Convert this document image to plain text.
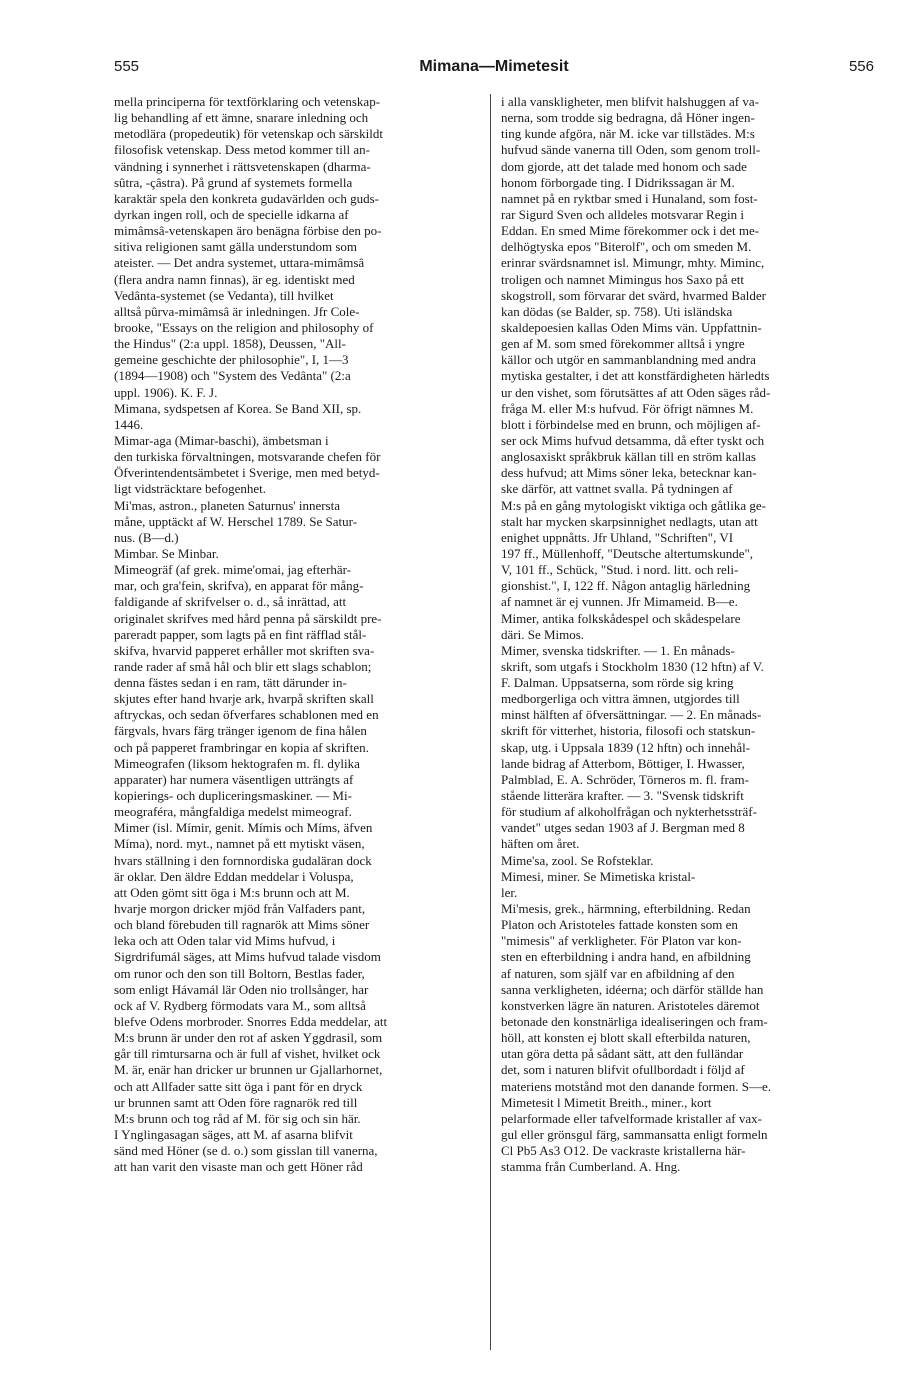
555	Mimana—Mimetesit	556
mella principerna för textförklaring och vetenskap-
lig behandling af ett ämne, snarare inledning och
metodlära (propedeutik) för vetenskap och särskildt
filosofisk vetenskap. Dess metod kommer till an-
vändning i synnerhet i rättsvetenskapen (dharma-
sûtra, -çâstra). På grund af systemets formella
karaktär spela den konkreta gudavärlden och guds-
dyrkan ingen roll, och de specielle idkarna af
mimâmsâ-vetenskapen äro benägna förbise den po-
sitiva religionen samt gälla understundom som
ateister. — Det andra systemet, uttara-mimâmsâ
(flera andra namn finnas), är eg. identiskt med
Vedânta-systemet (se Vedanta), till hvilket
alltså pûrva-mimâmsâ är inledningen. Jfr Cole-
brooke, "Essays on the religion and philosophy of
the Hindus" (2:a uppl. 1858), Deussen, "All-
gemeine geschichte der philosophie", I, 1—3
(1894—1908) och "System des Vedânta" (2:a
uppl. 1906). K. F. J.
Mimana, sydspetsen af Korea. Se Band XII, sp.
1446.
Mimar-aga (Mimar-baschi), ämbetsman i
den turkiska förvaltningen, motsvarande chefen för
Öfverintendentsämbetet i Sverige, men med betyd-
ligt vidsträcktare befogenhet.
Mi'mas, astron., planeten Saturnus' innersta
måne, upptäckt af W. Herschel 1789. Se Satur-
nus. (B—d.)
Mimbar. Se Minbar.
Mimeogräf (af grek. mime'omai, jag efterhär-
mar, och gra'fein, skrifva), en apparat för mång-
faldigande af skrifvelser o. d., så inrättad, att
originalet skrifves med hård penna på särskildt pre-
pareradt papper, som lagts på en fint räfflad stål-
skifva, hvarvid papperet erhåller mot skriften sva-
rande rader af små hål och blir ett slags schablon;
denna fästes sedan i en ram, tätt därunder in-
skjutes efter hand hvarje ark, hvarpå skriften skall
aftryckas, och sedan öfverfares schablonen med en
färgvals, hvars färg tränger igenom de fina hålen
och på papperet frambringar en kopia af skriften.
Mimeografen (liksom hektografen m. fl. dylika
apparater) har numera väsentligen utträngts af
kopierings- och dupliceringsmaskiner. — Mi-
meograféra, mångfaldiga medelst mimeograf.
Mimer (isl. Mímir, genit. Mímis och Míms, äfven
Míma), nord. myt., namnet på ett mytiskt väsen,
hvars ställning i den fornnordiska gudaläran dock
är oklar. Den äldre Eddan meddelar i Voluspa,
att Oden gömt sitt öga i M:s brunn och att M.
hvarje morgon dricker mjöd från Valfaders pant,
och bland förebuden till ragnarök att Mims söner
leka och att Oden talar vid Mims hufvud, i
Sigrdrifumál säges, att Mims hufvud talade visdom
om runor och den son till Boltorn, Bestlas fader,
som enligt Hávamál lär Oden nio trollsånger, har
ock af V. Rydberg förmodats vara M., som alltså
blefve Odens morbroder. Snorres Edda meddelar, att
M:s brunn är under den rot af asken Yggdrasil, som
går till rimtursarna och är full af vishet, hvilket ock
M. är, enär han dricker ur brunnen ur Gjallarhornet,
och att Allfader satte sitt öga i pant för en dryck
ur brunnen samt att Oden före ragnarök red till
M:s brunn och tog råd af M. för sig och sin här.
I Ynglingasagan säges, att M. af asarna blifvit
sänd med Höner (se d. o.) som gisslan till vanerna,
att han varit den visaste man och gett Höner råd
i alla vanskligheter, men blifvit halshuggen af va-
nerna, som trodde sig bedragna, då Höner ingen-
ting kunde afgöra, när M. icke var tillstädes. M:s
hufvud sände vanerna till Oden, som genom troll-
dom gjorde, att det talade med honom och sade
honom förborgade ting. I Didrikssagan är M.
namnet på en ryktbar smed i Hunaland, som fost-
rar Sigurd Sven och alldeles motsvarar Regin i
Eddan. En smed Mime förekommer ock i det me-
delhögtyska epos "Biterolf", och om smeden M.
erinrar svärdsnamnet isl. Mimungr, mhty. Miminc,
troligen och namnet Mimingus hos Saxo på ett
skogstroll, som förvarar det svärd, hvarmed Balder
kan dödas (se Balder, sp. 758). Uti isländska
skaldepoesien kallas Oden Mims vän. Uppfattnin-
gen af M. som smed förekommer alltså i yngre
källor och utgör en sammanblandning med andra
mytiska gestalter, i det att konstfärdigheten härledts
ur den vishet, som förutsättes af att Oden säges råd-
fråga M. eller M:s hufvud. För öfrigt nämnes M.
blott i förbindelse med en brunn, och möjligen af-
ser ock Mims hufvud detsamma, då efter tyskt och
anglosaxiskt språkbruk källan till en ström kallas
dess hufvud; att Mims söner leka, betecknar kan-
ske därför, att vattnet svalla. På tydningen af
M:s på en gång mytologiskt viktiga och gåtlika ge-
stalt har mycken skarpsinnighet nedlagts, utan att
enighet uppnåtts. Jfr Uhland, "Schriften", VI
197 ff., Müllenhoff, "Deutsche altertumskunde",
V, 101 ff., Schück, "Stud. i nord. litt. och reli-
gionshist.", I, 122 ff. Någon antaglig härledning
af namnet är ej vunnen. Jfr Mimameid. B—e.
Mimer, antika folkskådespel och skådespelare
däri. Se Mimos.
Mimer, svenska tidskrifter. — 1. En månads-
skrift, som utgafs i Stockholm 1830 (12 hftn) af V.
F. Dalman. Uppsatserna, som rörde sig kring
medborgerliga och vittra ämnen, utgjordes till
minst hälften af öfversättningar. — 2. En månads-
skrift för vitterhet, historia, filosofi och statskun-
skap, utg. i Uppsala 1839 (12 hftn) och innehål-
lande bidrag af Atterbom, Böttiger, I. Hwasser,
Palmblad, E. A. Schröder, Törneros m. fl. fram-
stående litterära krafter. — 3. "Svensk tidskrift
för studium af alkoholfrågan och nykterhetssträf-
vandet" utges sedan 1903 af J. Bergman med 8
häften om året.
Mime'sa, zool. Se Rofsteklar.
Mimesi, miner. Se Mimetiska kristal-
ler.
Mi'mesis, grek., härmning, efterbildning. Redan
Platon och Aristoteles fattade konsten som en
"mimesis" af verkligheter. För Platon var kon-
sten en efterbildning i andra hand, en afbildning
af naturen, som själf var en afbildning af den
sanna verkligheten, idéerna; och därför ställde han
konstverken lägre än naturen. Aristoteles däremot
betonade den konstnärliga idealiseringen och fram-
höll, att konsten ej blott skall efterbilda naturen,
utan göra detta på sådant sätt, att den fulländar
det, som i naturen blifvit ofullbordadt i följd af
materiens motstånd mot den danande formen. S—e.
Mimetesit l Mimetit Breith., miner., kort
pelarformade eller tafvelformade kristaller af vax-
gul eller grönsgul färg, sammansatta enligt formeln
Cl Pb5 As3 O12. De vackraste kristallerna här-
stamma från Cumberland. A. Hng.
